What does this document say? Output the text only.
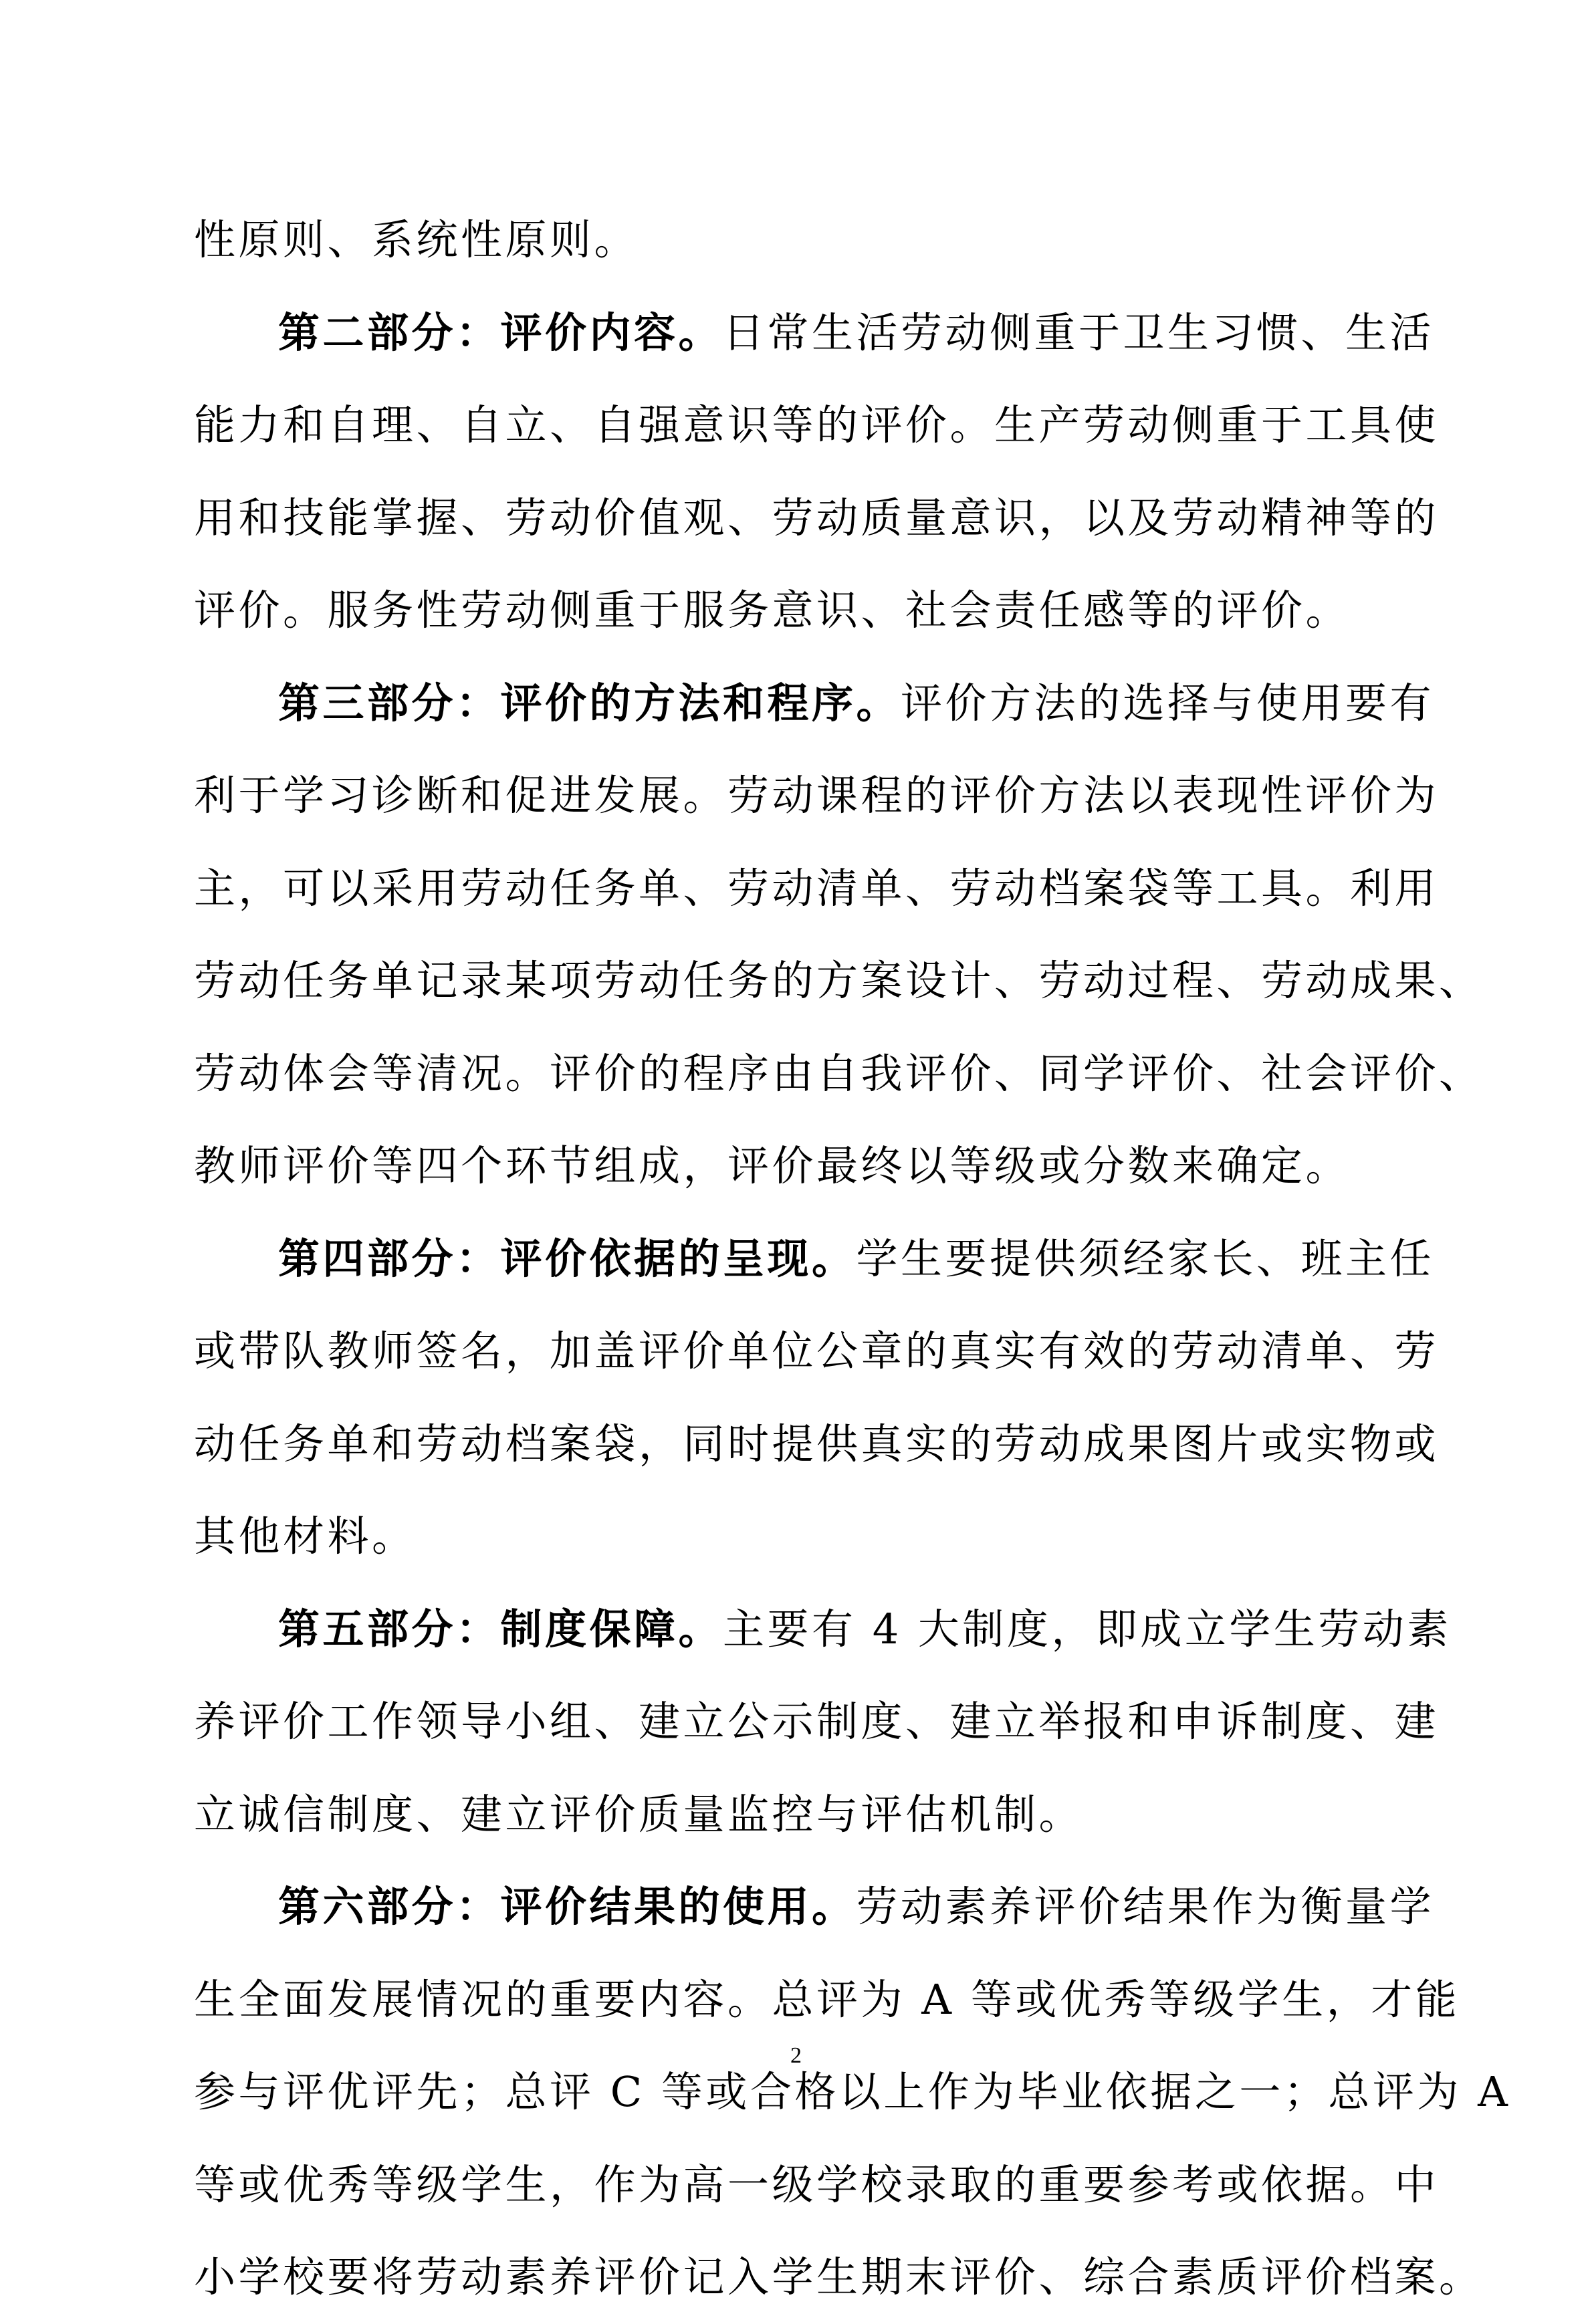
性原则、系统性原则。
第二部分：评价内容。日常生活劳动侧重于卫生习惯、生活
能力和自理、自立、自强意识等的评价。生产劳动侧重于工具使
用和技能掌握、劳动价值观、劳动质量意识，以及劳动精神等的
评价。服务性劳动侧重于服务意识、社会责任感等的评价。
第三部分：评价的方法和程序。评价方法的选择与使用要有
利于学习诊断和促进发展。劳动课程的评价方法以表现性评价为
主，可以采用劳动任务单、劳动清单、劳动档案袋等工具。利用
劳动任务单记录某项劳动任务的方案设计、劳动过程、劳动成果、
劳动体会等清况。评价的程序由自我评价、同学评价、社会评价、
教师评价等四个环节组成，评价最终以等级或分数来确定。
第四部分：评价依据的呈现。学生要提供须经家长、班主任
或带队教师签名，加盖评价单位公章的真实有效的劳动清单、劳
动任务单和劳动档案袋，同时提供真实的劳动成果图片或实物或
其他材料。
第五部分：制度保障。主要有 4 大制度，即成立学生劳动素
养评价工作领导小组、建立公示制度、建立举报和申诉制度、建
立诚信制度、建立评价质量监控与评估机制。
第六部分：评价结果的使用。劳动素养评价结果作为衡量学
生全面发展情况的重要内容。总评为 A 等或优秀等级学生，才能
参与评优评先；总评 C 等或合格以上作为毕业依据之一；总评为 A
等或优秀等级学生，作为高一级学校录取的重要参考或依据。中
小学校要将劳动素养评价记入学生期末评价、综合素质评价档案。
2
